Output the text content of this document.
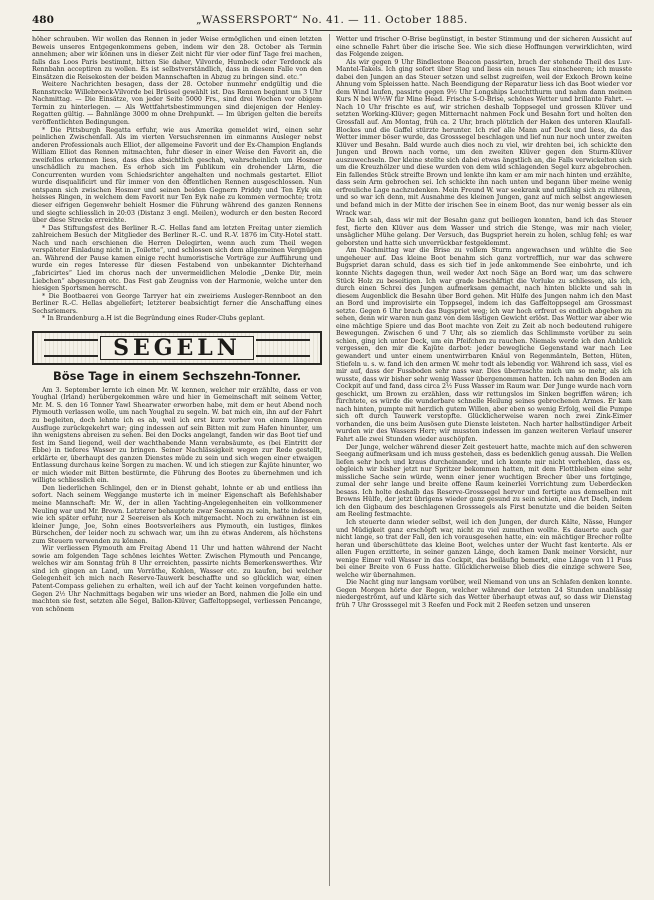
480	„WASSERSPORT“ No. 41. — 11. October 1885.

höher schrauben. Wir wollen das Rennen in jeder Weise ermöglichen und einen letzten Beweis unseres Entgegenkommens geben, indem wir den 28. October als Termin annehmen; aber wir können uns in dieser Zeit nicht für vier oder fünf Tage frei machen, falls das Loos Paris bestimmt, bitten Sie daher, Vilvorde, Humbeck oder Terdonck als Rennbahn acceptiren zu wollen. Es ist selbstverständlich, dass in diesem Falle von den Einsätzen die Reisekosten der beiden Mannschaften in Abzug zu bringen sind. etc.“

Weitere Nachrichten besagen, dass der 28. October nunmehr endgültig und die Rennstrecke Willebroeck-Vilvorde bei Brüssel gewählt ist. Das Rennen beginnt um 3 Uhr Nachmittag. — Die Einsätze, von jeder Seite 5000 Frs., sind drei Wochen vor obigem Termin zu hinterlegen. — Als Wettfahrtsbestimmungen sind diejenigen der Henley-Regatten gültig. — Bahnlänge 3000 m ohne Drehpunkt. — Im übrigen gelten die bereits veröffentlichten Bedingungen.

* Die Pittsburgh Regatta erfuhr, wie aus Amerika gemeldet wird, einen sehr peinlichen Zwischenfall. Als im vierten Versuchsrennen im einmanns Ausleger nebst anderen Professionals auch Elliot, der allgemeine Favorit und der Ex-Champion Englands William Elliot das Rennen mitmachten, fuhr dieser in einer Weise den Favorit an, die zweifellos erkennen liess, dass dies absichtlich geschah, wahrscheinlich um Hosmer unschädlich zu machen. Es erhob sich im Publikum ein drohender Lärm, die Concurrenten wurden vom Schiedsrichter angehalten und nochmals gestartet. Elliot wurde disqualificirt und für immer von den öffentlichen Rennen ausgeschlossen. Nun entspann sich zwischen Hosmer und seinen beiden Gegnern Priddy und Ten Eyk ein heisses Ringen, in welchem dem Favorit nur Ten Eyk nahe zu kommen vermochte; trotz dieser eifrigen Gegenwehr behielt Hosmer die Führung während des ganzen Rennens und siegte schliesslich in 20:03 (Distanz 3 engl. Meilen), wodurch er den besten Record über diese Strecke erreichte.

* Das Stiftungsfest des Berliner R.-C. Hellas fand am letzten Freitag unter ziemlich zahlreichem Besuch der Mitglieder des Berliner R.-C. und R.-V. 1876 im City-Hotel statt. Nach und nach erschienen die Herren Delegirten, wenn auch zum Theil wegen verspäteter Einladung nicht in „Toilette“, und schlossen sich dem allgemeinen Vergnügen an. Während der Pause kamen einige recht humoristische Vorträge zur Aufführung und wurde ein reges Interesse für diesen Festabend von unbekannter Dichterhand „fabricirtes“ Lied im chorus nach der unvermeidlichen Melodie „Denke Dir, mein Liebchen“ abgesungen etc. Das Fest gab Zeugniss von der Harmonie, welche unter den hiesigen Sportsmen herrscht.

* Die Bootbaerei von George Tarryer hat ein zweiriems Ausleger-Rennboot an den Berliner R.-C. Hellas abgeliefert; letzterer beabsichtigt ferner die Anschaffung eines Sechsriemers.

* In Brandenburg a.H ist die Begründung eines Ruder-Clubs geplant.

SEGELN
Böse Tage in einem Sechszehn-Tonner.

Am 3. September lernte ich einen Mr. W. kennen, welcher mir erzählte, dass er von Youghal (Irland) herübergekommen wäre und hier in Gemeinschaft mit seinem Vetter, Mr. M. S. den 16 Tonner Yawl Shearwater erworben habe, mit dem er heut Abend noch Plymouth verlassen wolle, um nach Youghal zu segeln. W. bat mich ein, ihn auf der Fahrt zu begleiten, doch lehnte ich es ab, weil ich erst kurz vorher von einem längeren Ausfluge zurückgekehrt war; ging indessen auf sein Bitten mit zum Hafen hinunter, um ihn wenigstens abreisen zu sehen. Bei den Docks angelangt, fanden wir das Boot tief und fest im Sand liegend, weil der wachthabende Mann verabsäumte, es (bei Eintritt der Ebbe) in tieferes Wasser zu bringen. Seiner Nachlässigkeit wegen zur Rede gestellt, erklärte er, überhaupt des ganzen Dienstes müde zu sein und sich wegen einer etwaigen Entlassung durchaus keine Sorgen zu machen. W. und ich stiegen zur Kajüte hinunter, wo er mich wieder mit Bitten bestürmte, die Führung des Bootes zu übernehmen und ich willigte schliesslich ein.

Den liederlichen Schlingel, den er in Dienst gehabt, lohnte er ab und entliess ihn sofort. Nach seinem Weggange musterte ich in meiner Eigenschaft als Befehlshaber meine Mannschaft: Mr. W., der in allen Yachting-Angelegenheiten ein vollkommener Neuling war und Mr. Brown. Letzterer behauptete zwar Seemann zu sein, hatte indessen, wie ich später erfuhr, nur 2 Seereisen als Koch mitgemacht. Noch zu erwähnen ist ein kleiner Junge, Joe, Sohn eines Bootsverleihers aus Plymouth, ein lustiges, flinkes Bürschchen, der leider noch zu schwach war, um ihn zu etwas Anderem, als höchstens zum Steuern verwenden zu können.

Wir verliessen Plymouth am Freitag Abend 11 Uhr und hatten während der Nacht sowie am folgenden Tage schönes leichtes Wetter. Zwischen Plymouth und Pencange, welches wir am Sonntag früh 8 Uhr erreichten, passirte nichts Bemerkenswerthes. Wir sind ich gingen an Land, um Vorräthe, Kohlen, Wasser etc. zu kaufen, bei welcher Gelegenheit ich mich nach Reserve-Tauwerk beschaffte und so glücklich war, einen Patent-Compass geliehen zu erhalten, weil ich auf der Yacht keinen vorgefunden hatte. Gegen 2½ Uhr Nachmittags begaben wir uns wieder an Bord, nahmen die Jolle ein und machten sie fest, setzten alle Segel, Ballon-Klüver, Gaffeltoppsegel, verliessen Pencange, von schönem

Wetter und frischer O-Brise begünstigt, in bester Stimmung und der sicheren Aussicht auf eine schnelle Fahrt über die irische See. Wie sich diese Hoffnungen verwirklichten, wird das Folgende zeigen.

Als wir gegen 9 Uhr Bindlestone Beacon passirten, brach der stehende Theil des Luv-Mantel-Takels. Ich ging sofort über Stag und liess ein neues Tau einscheeren; ich musste dabei den Jungen an das Steuer setzen und selbst zugreifen, weil der Exkoch Brown keine Ahnung vom Spleissen hatte. Nach Beendigung der Reparatur liess ich das Boot wieder vor dem Wind laufen, passirte gegen 9½ Uhr Longships Leuchtthurm und nahm dann meinen Kurs N bei W½W für Mine Head. Frische S-O-Brise, schönes Wetter und brillante Fahrt. — Nach 10 Uhr frischte es auf, wir strichen deshalb Toppsegel und grossen Klüver und setzten Working-Klüver; gegen Mitternacht nahmen Fock und Besahn fort und holten den Grossfall auf. Am Montag, früh ca. 2 Uhr, brach plötzlich der Haken des unteren Klaufall-Blockes und die Gaffel stürzte herunter. Ich rief alle Mann auf Deck und liess, da das Wetter immer böser wurde, das Grosssegel beschlagen und lief nun nur noch unter zweiten Klüver und Besahn. Bald wurde auch dies noch zu viel, wir drehten bei, ich schickte den Jungen und Brown nach vorne, um den zweiten Klüver gegen den Sturm-Klüver auszuwechseln. Der kleine stellte sich dabei etwas ängstlich an, die Falls verwickelten sich um die Kreuzhölzer und diese wurden von dem wild schlagenden Segel kurz abgebrochen. Ein fallendes Stück streifte Brown und lenkte ihn kam er am mir nach hinten und erzählte, dass sein Arm gebrochen sei. Ich schickte ihn nach unten und begann über meine wenig erfreuliche Lage nachzudenken. Mein Freund W. war seekrank und unfähig sich zu rühren, und so war ich denn, mit Ausnahme des kleinen Jungen, ganz auf mich selbst angewiesen und befand mich in der Mitte der irischen See in einem Boot, das nur wenig besser als ein Wrack war.

Da ich sah, dass wir mit der Besahn ganz gut beiliegen konnten, band ich das Steuer fest, fierte den Klüver aus dem Wasser und strich die Stenge, was mir nach vieler, unsäglicher Mühe gelang. Der Versuch, das Bugspriet herein zu holen, schlug fehl; es war geborsten und hatte sich unverrückbar festgeklemmt.

Am Nachmittag war die Brise zu vollem Sturm angewachsen und wühlte die See ungeheuer auf. Das kleine Boot benahm sich ganz vortrefflich, nur war das schwere Bugspriet daran schuld, dass es sich tief in jede ankommende See einbohrte, und ich konnte Nichts dagegen thun, weil weder Axt noch Säge an Bord war, um das schwere Stück Holz zu beseitigen. Ich war grade beschäftigt die Vorluke zu schliessen, als ich, durch einen Schrei des Jungen aufmerksam gemacht, nach hinten blickte und sah in diesem Augenblick die Besahn über Bord gehen. Mit Hülfe des Jungen nahm ich den Mast an Bord und improvisirte ein Toppsegel, indem ich das Gaffeltoppsegel am Grossmast setzte. Gegen 6 Uhr brach das Bugspriet weg; ich war hoch erfreut es endlich abgehen zu sehen, denn wir waren nun ganz von dem lästigen Gewicht erlöst. Das Wetter war aber wie eine mächtige Spiere und das Boot machte von Zeit zu Zeit ab noch bedeutend ruhigere Bewegungen. Zwischen 6 und 7 Uhr, als so ziemlich das Schlimmste vorüber zu sein schien, ging ich unter Deck, um ein Pfeifchen zu rauchen. Niemals werde ich den Anblick vergessen, den mir die Kajüte darbot: jeder bewegliche Gegenstand war nach Lee gewandert und unter einem unentwirrbaren Knäul von Regenmänteln, Betten, Hüten, Stiefeln u. s. w. fand ich den armen W. mehr todt als lebendig vor. Während ich sass, viel es mir auf, dass der Fussboden sehr nass war. Dies überraschte mich um so mehr, als ich wusste, dass wir bisher sehr wenig Wasser übergenommen hatten. Ich nahm den Boden am Cockpit auf und fand, dass circa 2½ Fuss Wasser im Raum war. Der Junge wurde nach vorn geschickt, um Brown zu erzählen, dass wir rettungslos im Sinken begriffen wären; ich fürchtete, es würde die wunderbare schnelle Heilung seines gebrochenen Armes. Er kam nach hinten, pumpte mit herzlich gutem Willen, aber eben so wenig Erfolg, weil die Pumpe sich oft durch Tauwerk verstopfte. Glücklicherweise waren noch zwei Zink-Eimer vorhanden, die uns beim Ausösen gute Dienste leisteten. Nach harter halbstündiger Arbeit wurden wir des Wassers Herr; wir mussten indessen im ganzen weiteren Verlauf unserer Fahrt alle zwei Stunden wieder auschöpfen.

Der Junge, welcher während dieser Zeit gesteuert hatte, machte mich auf den schweren Seegang aufmerksam und ich muss gestehen, dass es bedenklich genug aussah. Die Wellen liefen sehr hoch und kraus durcheinander, und ich konnte mir nicht verhehlen, dass es, obgleich wir bisher jetzt nur Spritzer bekommen hatten, mit dem Flottbleiben eine sehr missliche Sache sein würde, wenn einer jener wuchtigen Brecher über uns fortginge, zumal der sehr lange und breite offene Raum keinerlei Vorrichtung zum Ueberdecken besass. Ich holte deshalb das Reserve-Grosssegel hervor und fertigte aus demselben mit Browns Hülfe, der jetzt übrigens wieder ganz gesund zu sein schien, eine Art Dach, indem ich den Gigbaum des beschlagenen Grosssegels als First benutzte und die beiden Seiten am Reeling festmachte.

Ich steuerte dann wieder selbst, weil ich den Jungen, der durch Kälte, Nässe, Hunger und Müdigkeit ganz erschöpft war, nicht zu viel zumuthen wollte. Es dauerte auch gar nicht lange, so trat der Fall, den ich vorausgesehen hatte, ein: ein mächtiger Brecher rollte heran und überschüttete das kleine Boot, welches unter der Wucht fast kenterte. Als er allen Fugen erzitterte, in seiner ganzen Länge, doch kamen Dank meiner Vorsicht, nur wenige Eimer voll Wasser in das Cockpit, das beiläufig bemerkt, eine Länge von 11 Fuss bei einer Breite von 6 Fuss hatte. Glücklicherweise blieb dies die einzige schwere See, welche wir übernahmen.

Die Nacht ging nur langsam vorüber, weil Niemand von uns an Schlafen denken konnte. Gegen Morgen hörte der Regen, welcher während der letzten 24 Stunden unablässig niedergeströmt, auf und klärte sich das Wetter überhaupt etwas auf, so dass wir Dienstag früh 7 Uhr Grosssegel mit 3 Reefen und Fock mit 2 Reefen setzen und unseren
